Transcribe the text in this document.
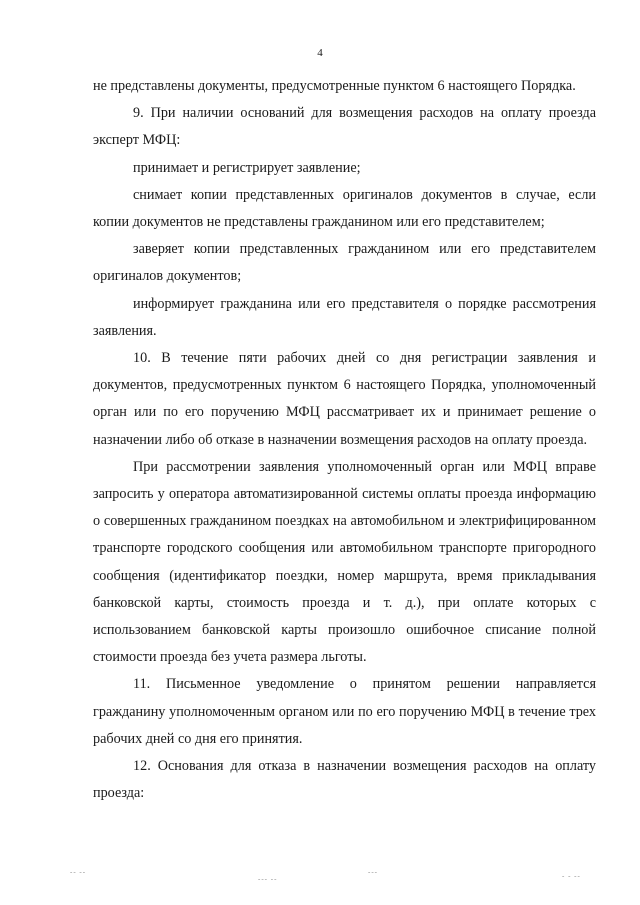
4

не представлены документы, предусмотренные пунктом 6 настоящего Порядка.

9. При наличии оснований для возмещения расходов на оплату проезда эксперт МФЦ:

принимает и регистрирует заявление;

снимает копии представленных оригиналов документов в случае, если копии документов не представлены гражданином или его представителем;

заверяет копии представленных гражданином или его представителем оригиналов документов;

информирует гражданина или его представителя о порядке рассмотрения заявления.

10. В течение пяти рабочих дней со дня регистрации заявления и документов, предусмотренных пунктом 6 настоящего Порядка, уполномоченный орган или по его поручению МФЦ рассматривает их и принимает решение о назначении либо об отказе в назначении возмещения расходов на оплату проезда.

При рассмотрении заявления уполномоченный орган или МФЦ вправе запросить у оператора автоматизированной системы оплаты проезда информацию о совершенных гражданином поездках на автомобильном и электрифицированном транспорте городского сообщения или автомобильном транспорте пригородного сообщения (идентификатор поездки, номер маршрута, время прикладывания банковской карты, стоимость проезда и т. д.), при оплате которых с использованием банковской карты произошло ошибочное списание полной стоимости проезда без учета размера льготы.

11. Письменное уведомление о принятом решении направляется гражданину уполномоченным органом или по его поручению МФЦ в течение трех рабочих дней со дня его принятия.

12. Основания для отказа в назначении возмещения расходов на оплату проезда:

-- --
--- --
---	- - --
